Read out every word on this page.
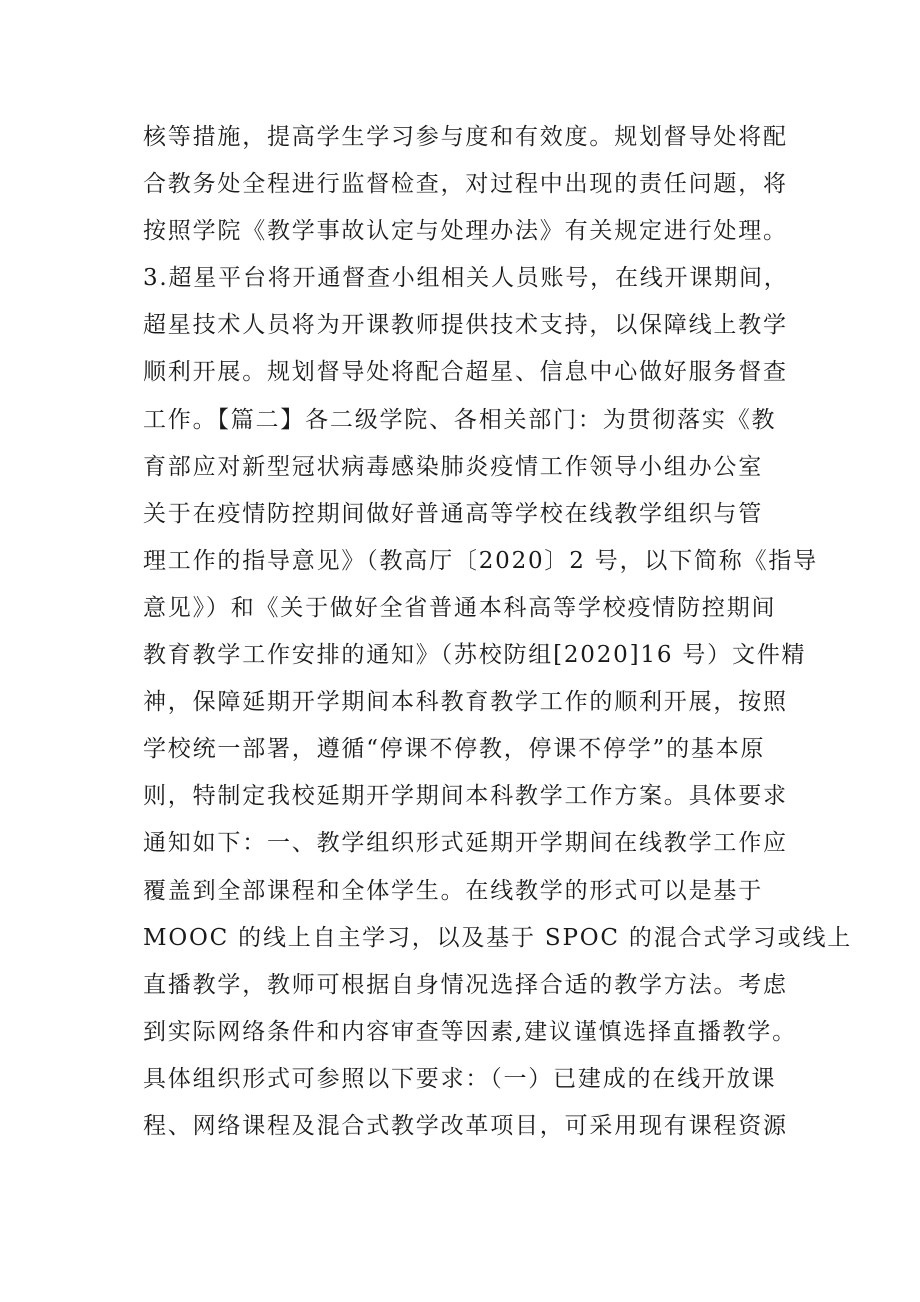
核等措施，提高学生学习参与度和有效度。规划督导处将配
合教务处全程进行监督检查，对过程中出现的责任问题，将
按照学院《教学事故认定与处理办法》有关规定进行处理。
3.超星平台将开通督查小组相关人员账号，在线开课期间，
超星技术人员将为开课教师提供技术支持，以保障线上教学
顺利开展。规划督导处将配合超星、信息中心做好服务督查
工作。【篇二】各二级学院、各相关部门：为贯彻落实《教
育部应对新型冠状病毒感染肺炎疫情工作领导小组办公室
关于在疫情防控期间做好普通高等学校在线教学组织与管
理工作的指导意见》（教高厅〔2020〕2 号，以下简称《指导
意见》）和《关于做好全省普通本科高等学校疫情防控期间
教育教学工作安排的通知》（苏校防组[2020]16 号）文件精
神，保障延期开学期间本科教育教学工作的顺利开展，按照
学校统一部署，遵循“停课不停教，停课不停学”的基本原
则，特制定我校延期开学期间本科教学工作方案。具体要求
通知如下：一、教学组织形式延期开学期间在线教学工作应
覆盖到全部课程和全体学生。在线教学的形式可以是基于
MOOC 的线上自主学习，以及基于 SPOC 的混合式学习或线上
直播教学，教师可根据自身情况选择合适的教学方法。考虑
到实际网络条件和内容审查等因素,建议谨慎选择直播教学。
具体组织形式可参照以下要求：（一）已建成的在线开放课
程、网络课程及混合式教学改革项目，可采用现有课程资源
